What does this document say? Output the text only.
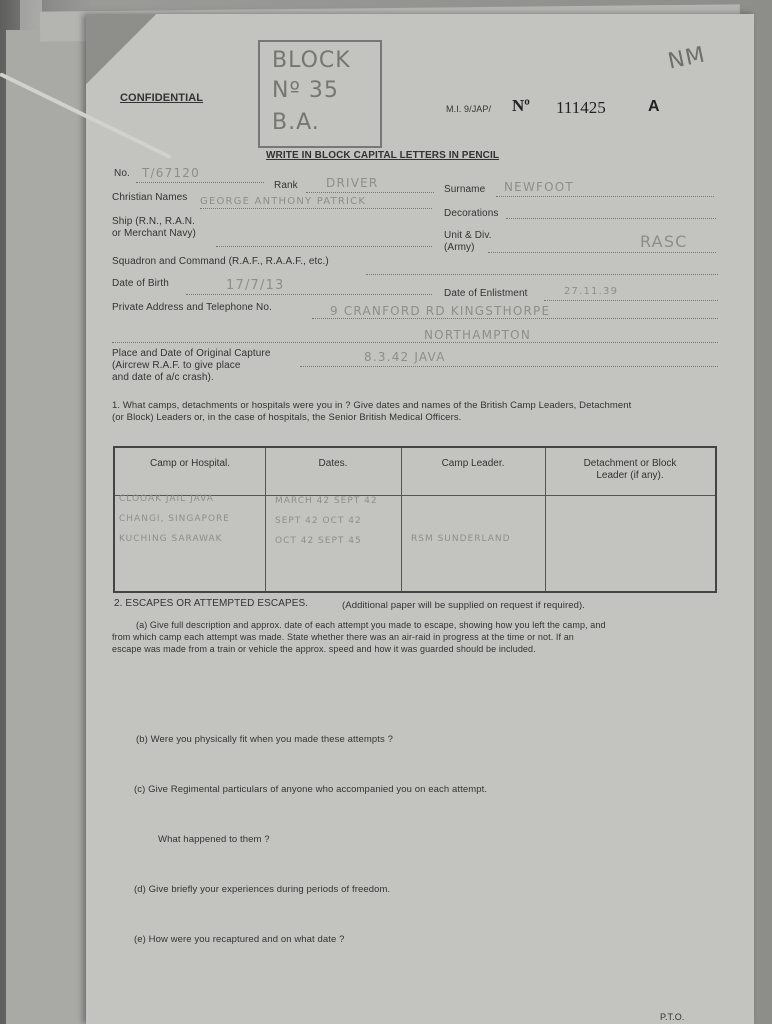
BLOCK
Nº 35
B.A.
NM
CONFIDENTIAL
M.I. 9/JAP/ Nº 111425	A
WRITE IN BLOCK CAPITAL LETTERS IN PENCIL
No. T/67120
Rank DRIVER	Surname NEWFOOT
Christian Names GEORGE ANTHONY PATRICK
Decorations
Ship (R.N., R.A.N.
or Merchant Navy)	Unit & Div.
(Army)	RASC
Squadron and Command (R.A.F., R.A.A.F., etc.)
Date of Birth	17/7/13
Date of Enlistment	27.11.39
Private Address and Telephone No.	9 CRANFORD RD KINGSTHORPE
NORTHAMPTON
Place and Date of Original Capture
(Aircrew R.A.F. to give place
and date of a/c crash).
8.3.42 JAVA
1. What camps, detachments or hospitals were you in ? Give dates and names of the British Camp Leaders, Detachment
(or Block) Leaders or, in the case of hospitals, the Senior British Medical Officers.
Camp or Hospital.	Dates.	Camp Leader.	Detachment or Block
Leader (if any).
CLOOAK JAIL JAVA	MARCH 42 SEPT 42
CHANGI, SINGAPORE	SEPT 42 OCT 42
KUCHING SARAWAK	OCT 42 SEPT 45	RSM SUNDERLAND
2. ESCAPES OR ATTEMPTED ESCAPES.	(Additional paper will be supplied on request if required).
(a) Give full description and approx. date of each attempt you made to escape, showing how you left the camp, and
from which camp each attempt was made. State whether there was an air-raid in progress at the time or not. If an
escape was made from a train or vehicle the approx. speed and how it was guarded should be included.
(b) Were you physically fit when you made these attempts ?
(c) Give Regimental particulars of anyone who accompanied you on each attempt.
What happened to them ?
(d) Give briefly your experiences during periods of freedom.
(e) How were you recaptured and on what date ?
P.T.O.
